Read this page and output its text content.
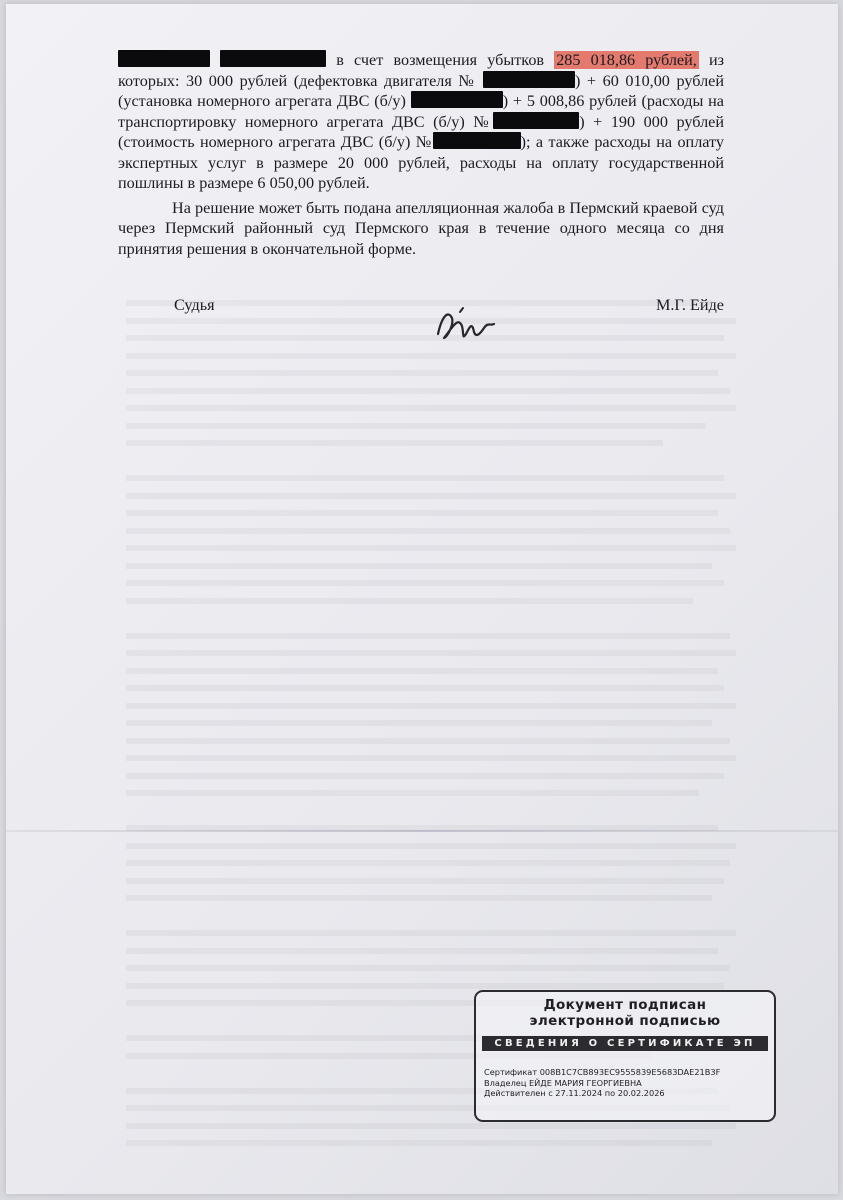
в счет возмещения убытков 285 018,86 рублей, из которых: 30 000 рублей (дефектовка двигателя №	) + 60 010,00 рублей (установка номерного агрегата ДВС (б/у)	) + 5 008,86 рублей (расходы на транспортировку номерного агрегата ДВС (б/у) №	) + 190 000 рублей (стоимость номерного агрегата ДВС (б/у) №	); а также расходы на оплату экспертных услуг в размере 20 000 рублей, расходы на оплату государственной пошлины в размере 6 050,00 рублей.

На решение может быть подана апелляционная жалоба в Пермский краевой суд через Пермский районный суд Пермского края в течение одного месяца со дня принятия решения в окончательной форме.

Судья	М.Г. Ейде
Документ подписан
электронной подписью
СВЕДЕНИЯ О СЕРТИФИКАТЕ ЭП
Сертификат 008B1C7CB893EC9555839E5683DAE21B3F
Владелец ЕЙДЕ МАРИЯ ГЕОРГИЕВНА
Действителен с 27.11.2024 по 20.02.2026
